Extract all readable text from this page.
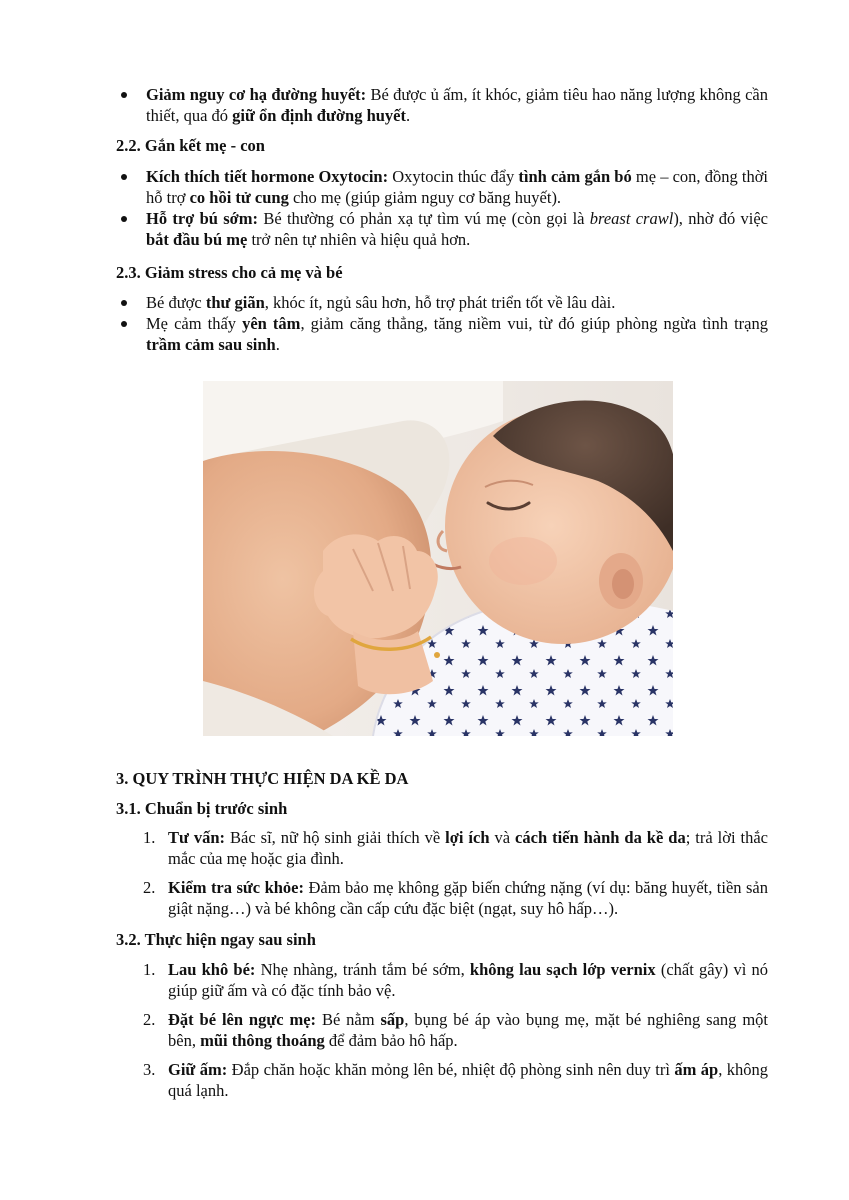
Giảm nguy cơ hạ đường huyết: Bé được ủ ấm, ít khóc, giảm tiêu hao năng lượng không cần thiết, qua đó giữ ổn định đường huyết.
2.2. Gắn kết mẹ - con
Kích thích tiết hormone Oxytocin: Oxytocin thúc đẩy tình cảm gắn bó mẹ – con, đồng thời hỗ trợ co hồi tử cung cho mẹ (giúp giảm nguy cơ băng huyết).
Hỗ trợ bú sớm: Bé thường có phản xạ tự tìm vú mẹ (còn gọi là breast crawl), nhờ đó việc bắt đầu bú mẹ trở nên tự nhiên và hiệu quả hơn.
2.3. Giảm stress cho cả mẹ và bé
Bé được thư giãn, khóc ít, ngủ sâu hơn, hỗ trợ phát triển tốt về lâu dài.
Mẹ cảm thấy yên tâm, giảm căng thẳng, tăng niềm vui, từ đó giúp phòng ngừa tình trạng trầm cảm sau sinh.
3. QUY TRÌNH THỰC HIỆN DA KỀ DA
3.1. Chuẩn bị trước sinh
1. Tư vấn: Bác sĩ, nữ hộ sinh giải thích về lợi ích và cách tiến hành da kề da; trả lời thắc mắc của mẹ hoặc gia đình.
2. Kiểm tra sức khỏe: Đảm bảo mẹ không gặp biến chứng nặng (ví dụ: băng huyết, tiền sản giật nặng…) và bé không cần cấp cứu đặc biệt (ngạt, suy hô hấp…).
3.2. Thực hiện ngay sau sinh
1. Lau khô bé: Nhẹ nhàng, tránh tắm bé sớm, không lau sạch lớp vernix (chất gây) vì nó giúp giữ ấm và có đặc tính bảo vệ.
2. Đặt bé lên ngực mẹ: Bé nằm sấp, bụng bé áp vào bụng mẹ, mặt bé nghiêng sang một bên, mũi thông thoáng để đảm bảo hô hấp.
3. Giữ ấm: Đắp chăn hoặc khăn mỏng lên bé, nhiệt độ phòng sinh nên duy trì ấm áp, không quá lạnh.
